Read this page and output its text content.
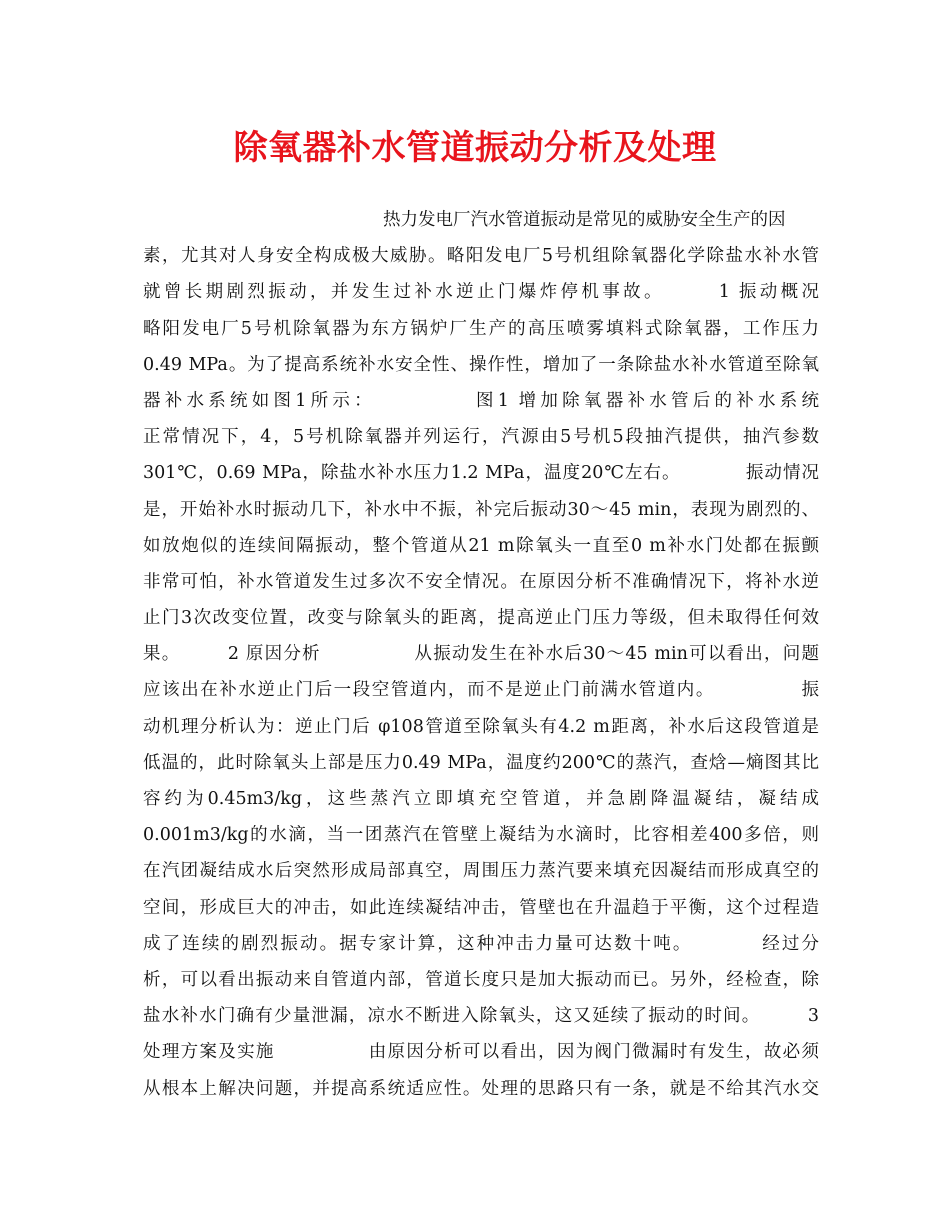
除氧器补水管道振动分析及处理
热力发电厂汽水管道振动是常见的威胁安全生产的因
素，尤其对人身安全构成极大威胁。略阳发电厂5号机组除氧器化学除盐水补水管
就曾长期剧烈振动，并发生过补水逆止门爆炸停机事故。　　　1 振动概况
略阳发电厂5号机除氧器为东方锅炉厂生产的高压喷雾填料式除氧器，工作压力
0.49 MPa。为了提高系统补水安全性、操作性，增加了一条除盐水补水管道至除氧
器补水系统如图1所示：　　　　　图1 增加除氧器补水管后的补水系统
正常情况下，4，5号机除氧器并列运行，汽源由5号机5段抽汽提供，抽汽参数
301℃，0.69 MPa，除盐水补水压力1.2 MPa，温度20℃左右。　　　　振动情况
是，开始补水时振动几下，补水中不振，补完后振动30～45 min，表现为剧烈的、
如放炮似的连续间隔振动，整个管道从21 m除氧头一直至0 m补水门处都在振颤
非常可怕，补水管道发生过多次不安全情况。在原因分析不准确情况下，将补水逆
止门3次改变位置，改变与除氧头的距离，提高逆止门压力等级，但未取得任何效
果。　　　2 原因分析　　　　　从振动发生在补水后30～45 min可以看出，问题
应该出在补水逆止门后一段空管道内，而不是逆止门前满水管道内。　　　　　振
动机理分析认为：逆止门后 φ108管道至除氧头有4.2 m距离，补水后这段管道是
低温的，此时除氧头上部是压力0.49 MPa，温度约200℃的蒸汽，查焓—熵图其比
容约为0.45m3/kg，这些蒸汽立即填充空管道，并急剧降温凝结，凝结成
0.001m3/kg的水滴，当一团蒸汽在管壁上凝结为水滴时，比容相差400多倍，则
在汽团凝结成水后突然形成局部真空，周围压力蒸汽要来填充因凝结而形成真空的
空间，形成巨大的冲击，如此连续凝结冲击，管壁也在升温趋于平衡，这个过程造
成了连续的剧烈振动。据专家计算，这种冲击力量可达数十吨。　　　　经过分
析，可以看出振动来自管道内部，管道长度只是加大振动而已。另外，经检查，除
盐水补水门确有少量泄漏，凉水不断进入除氧头，这又延续了振动的时间。　　　3
处理方案及实施　　　　　由原因分析可以看出，因为阀门微漏时有发生，故必须
从根本上解决问题，并提高系统适应性。处理的思路只有一条，就是不给其汽水交
